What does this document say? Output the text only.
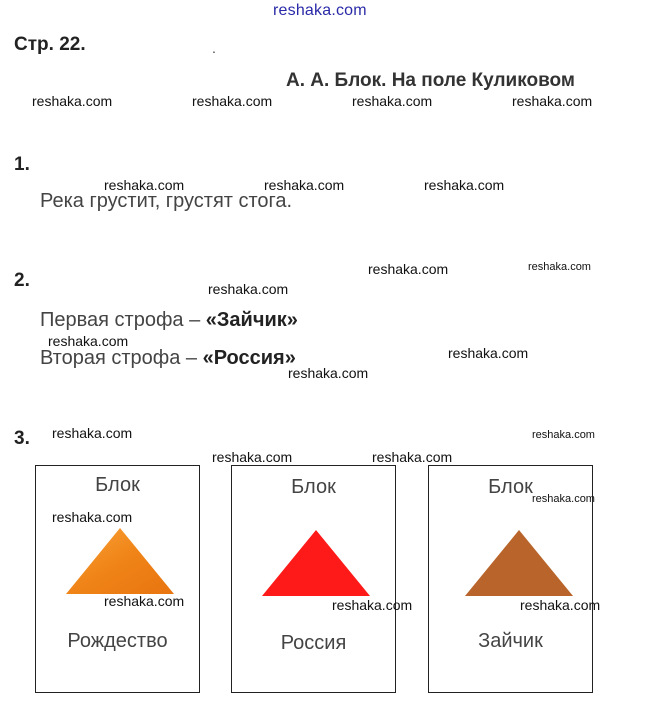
reshaka.com
Стр. 22.	.
А. А. Блок. На поле Куликовом
reshaka.com	reshaka.com	reshaka.com	reshaka.com
reshaka.com	reshaka.com	reshaka.com
reshaka.com	reshaka.com
reshaka.com
reshaka.com
reshaka.com
reshaka.com
reshaka.com	reshaka.com
reshaka.com	reshaka.com
1.
Река грустит, грустят стога.
2.
Первая строфа – «Зайчик»
Вторая строфа – «Россия»
3.
Блок
Рождество
Блок
Россия
Блок
Зайчик
reshaka.com
reshaka.com
reshaka.com	reshaka.com	reshaka.com
